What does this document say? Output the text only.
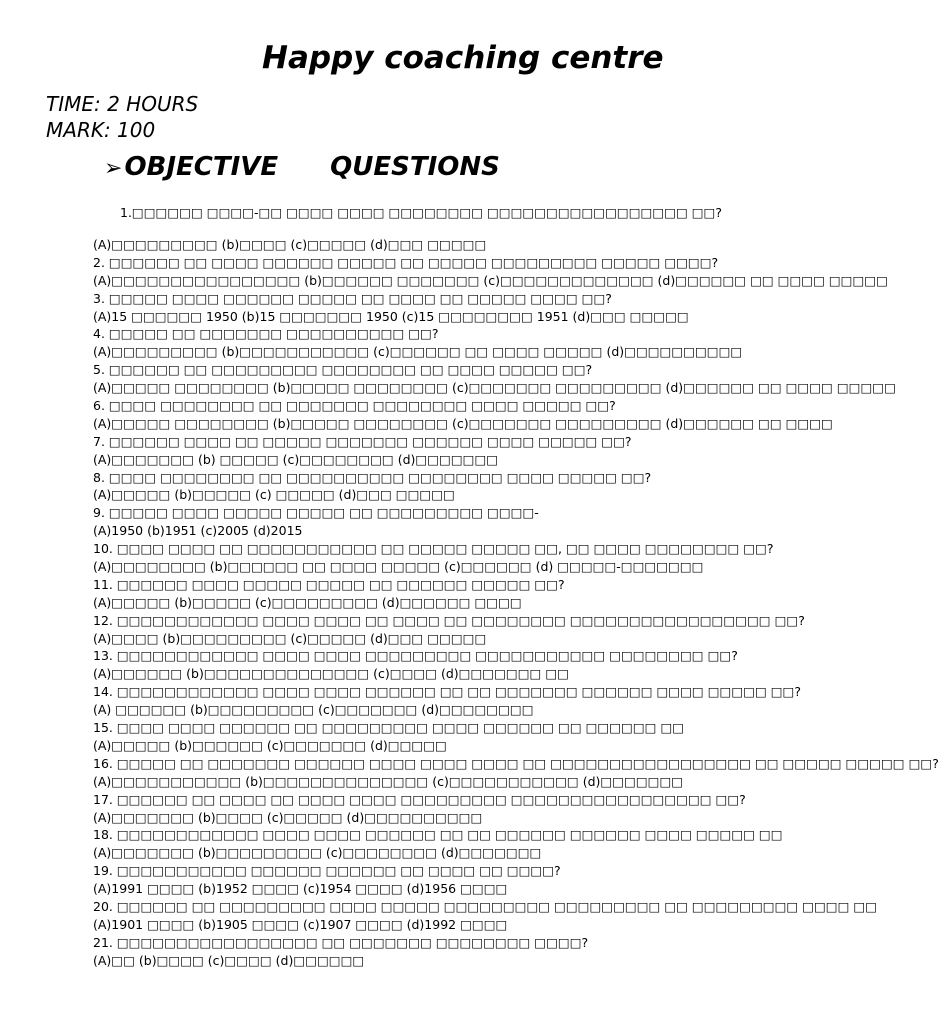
Happy coaching centre
TIME: 2 HOURS
MARK: 100
➢OBJECTIVE QUESTIONS
1.□□□□□□ □□□□-□□ □□□□ □□□□ □□□□□□□□ □□□□□□□□□□□□□□□□□ □□?
(A)□□□□□□□□□ (b)□□□□ (c)□□□□□ (d)□□□ □□□□□
2. □□□□□□ □□ □□□□ □□□□□□ □□□□□ □□ □□□□□ □□□□□□□□□ □□□□□ □□□□?
(A)□□□□□□□□□□□□□□□□ (b)□□□□□□ □□□□□□□ (c)□□□□□□□□□□□□□ (d)□□□□□□ □□ □□□□ □□□□□
3. □□□□□ □□□□ □□□□□□ □□□□□ □□ □□□□ □□ □□□□□ □□□□ □□?
(A)15 □□□□□□ 1950 (b)15 □□□□□□□ 1950 (c)15 □□□□□□□□ 1951 (d)□□□ □□□□□
4. □□□□□ □□ □□□□□□□ □□□□□□□□□□ □□?
(A)□□□□□□□□□ (b)□□□□□□□□□□□ (c)□□□□□□ □□ □□□□ □□□□□ (d)□□□□□□□□□□
5. □□□□□□ □□ □□□□□□□□□ □□□□□□□□ □□ □□□□ □□□□□ □□?
(A)□□□□□ □□□□□□□□ (b)□□□□□ □□□□□□□□ (c)□□□□□□□ □□□□□□□□□ (d)□□□□□□ □□ □□□□ □□□□□
6. □□□□ □□□□□□□□ □□ □□□□□□□ □□□□□□□□ □□□□ □□□□□ □□?
(A)□□□□□ □□□□□□□□ (b)□□□□□ □□□□□□□□ (c)□□□□□□□ □□□□□□□□□ (d)□□□□□□ □□ □□□□
7. □□□□□□ □□□□ □□ □□□□□ □□□□□□□ □□□□□□ □□□□ □□□□□ □□?
(A)□□□□□□□ (b) □□□□□ (c)□□□□□□□□ (d)□□□□□□□
8. □□□□ □□□□□□□□ □□ □□□□□□□□□□ □□□□□□□□ □□□□ □□□□□ □□?
(A)□□□□□ (b)□□□□□ (c) □□□□□ (d)□□□ □□□□□
9. □□□□□ □□□□ □□□□□ □□□□□ □□ □□□□□□□□□ □□□□-
(A)1950 (b)1951 (c)2005 (d)2015
10. □□□□ □□□□ □□ □□□□□□□□□□□ □□ □□□□□ □□□□□ □□, □□ □□□□ □□□□□□□□ □□?
(A)□□□□□□□□ (b)□□□□□□ □□ □□□□ □□□□□ (c)□□□□□□ (d) □□□□□-□□□□□□□
11. □□□□□□ □□□□ □□□□□ □□□□□ □□ □□□□□□ □□□□□ □□?
(A)□□□□□ (b)□□□□□ (c)□□□□□□□□□ (d)□□□□□□ □□□□
12. □□□□□□□□□□□□ □□□□ □□□□ □□ □□□□ □□ □□□□□□□□ □□□□□□□□□□□□□□□□□ □□?
(A)□□□□ (b)□□□□□□□□□ (c)□□□□□ (d)□□□ □□□□□
13. □□□□□□□□□□□□ □□□□ □□□□ □□□□□□□□□ □□□□□□□□□□□ □□□□□□□□ □□?
(A)□□□□□□ (b)□□□□□□□□□□□□□□ (c)□□□□ (d)□□□□□□□ □□
14. □□□□□□□□□□□□ □□□□ □□□□ □□□□□□ □□ □□ □□□□□□□ □□□□□□ □□□□ □□□□□ □□?
(A) □□□□□□ (b)□□□□□□□□□ (c)□□□□□□□ (d)□□□□□□□□
15. □□□□ □□□□ □□□□□□ □□ □□□□□□□□□ □□□□ □□□□□□ □□ □□□□□□ □□
(A)□□□□□ (b)□□□□□□ (c)□□□□□□□ (d)□□□□□
16. □□□□□ □□ □□□□□□□ □□□□□□ □□□□ □□□□ □□□□ □□ □□□□□□□□□□□□□□□□□ □□ □□□□□ □□□□□ □□?
(A)□□□□□□□□□□□ (b)□□□□□□□□□□□□□□ (c)□□□□□□□□□□□ (d)□□□□□□□
17. □□□□□□ □□ □□□□ □□ □□□□ □□□□ □□□□□□□□□ □□□□□□□□□□□□□□□□□ □□?
(A)□□□□□□□ (b)□□□□ (c)□□□□□ (d)□□□□□□□□□□
18. □□□□□□□□□□□□ □□□□ □□□□ □□□□□□ □□ □□ □□□□□□ □□□□□□ □□□□ □□□□□ □□
(A)□□□□□□□ (b)□□□□□□□□□ (c)□□□□□□□□ (d)□□□□□□□
19. □□□□□□□□□□□ □□□□□□ □□□□□□ □□ □□□□ □□ □□□□?
(A)1991 □□□□ (b)1952 □□□□ (c)1954 □□□□ (d)1956 □□□□
20. □□□□□□ □□ □□□□□□□□□ □□□□ □□□□□ □□□□□□□□□ □□□□□□□□□ □□ □□□□□□□□□ □□□□ □□
(A)1901 □□□□ (b)1905 □□□□ (c)1907 □□□□ (d)1992 □□□□
21. □□□□□□□□□□□□□□□□□ □□ □□□□□□□ □□□□□□□□ □□□□?
(A)□□ (b)□□□□ (c)□□□□ (d)□□□□□□
